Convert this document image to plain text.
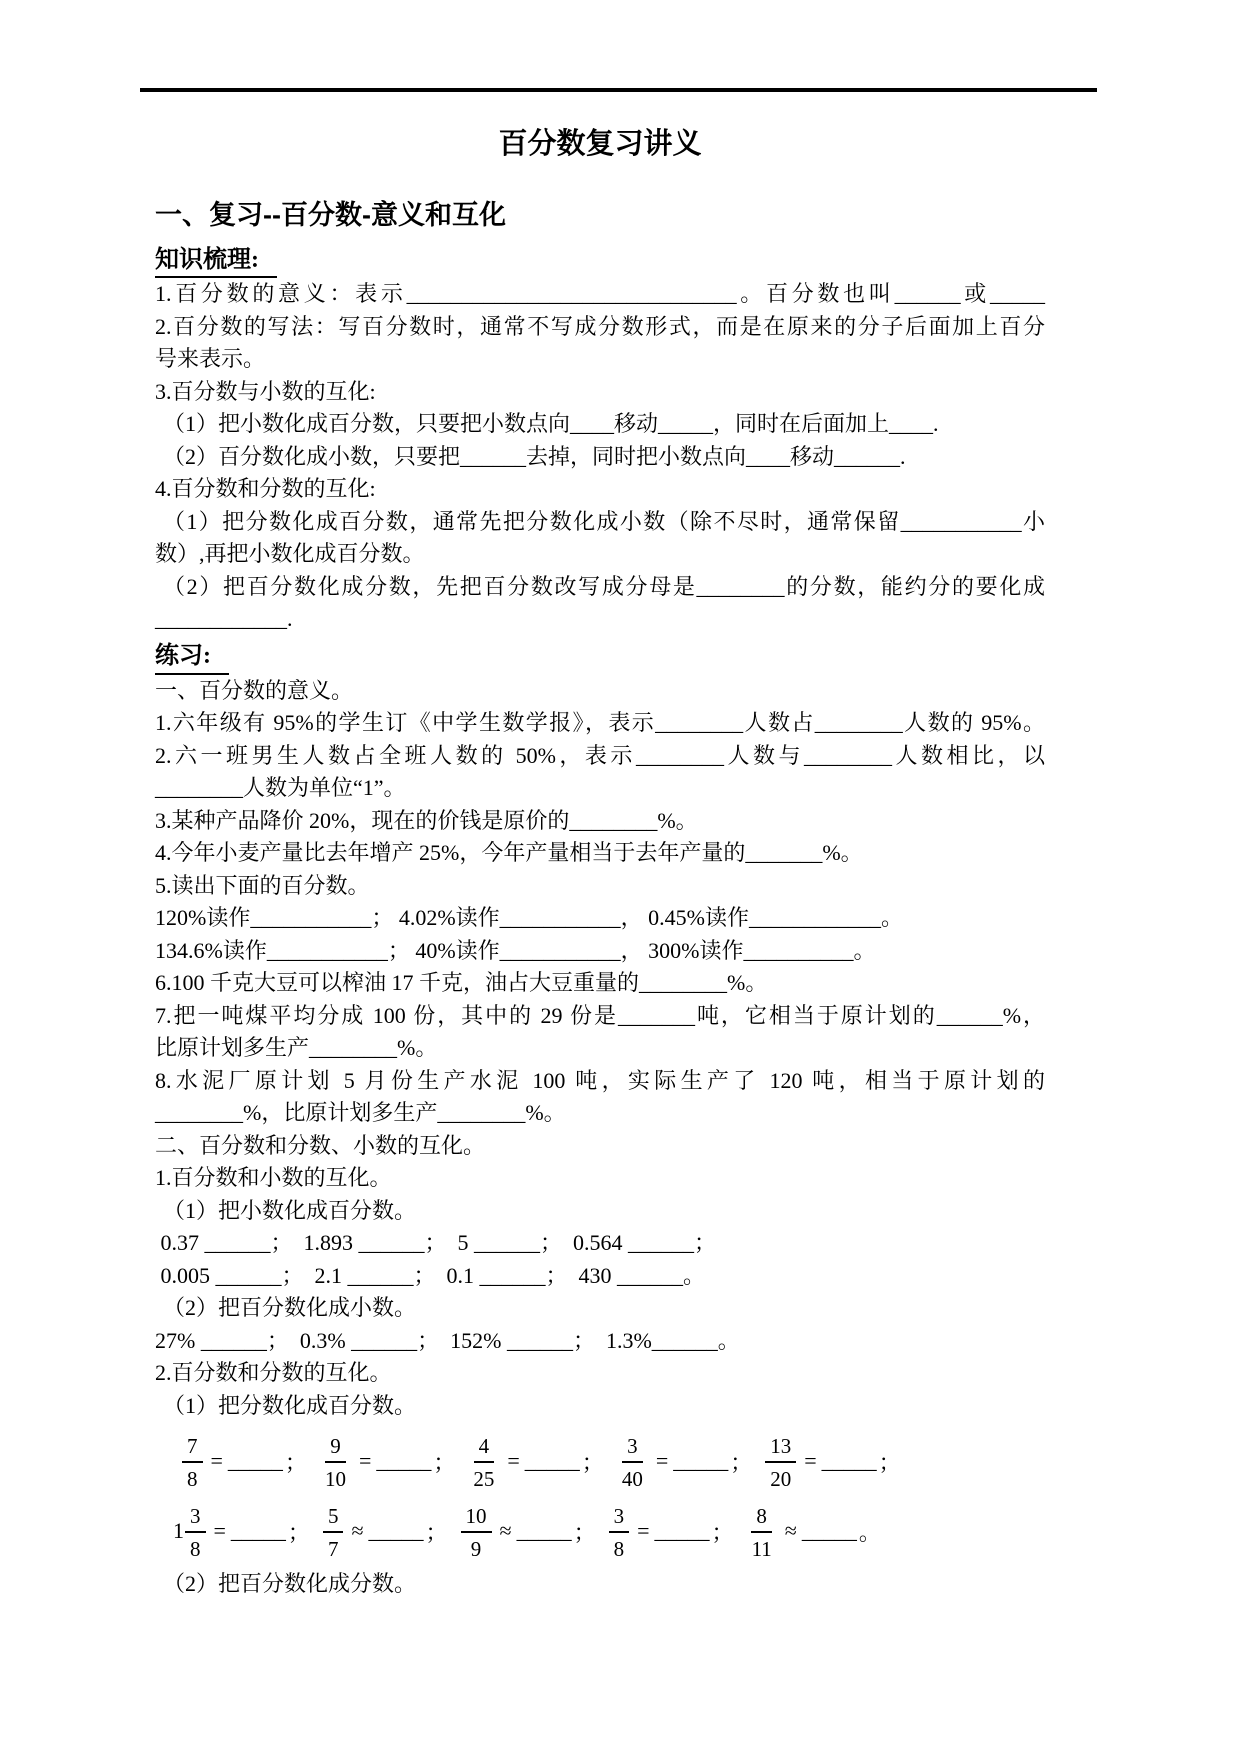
百分数复习讲义
一、复习--百分数-意义和互化
知识梳理:
1.百分数的意义：表示______________________________。百分数也叫______或_____
2.百分数的写法：写百分数时，通常不写成分数形式，而是在原来的分子后面加上百分
号来表示。
3.百分数与小数的互化:
（1）把小数化成百分数，只要把小数点向____移动_____，同时在后面加上____.
（2）百分数化成小数，只要把______去掉，同时把小数点向____移动______.
4.百分数和分数的互化:
（1）把分数化成百分数，通常先把分数化成小数（除不尽时，通常保留___________小
数）,再把小数化成百分数。
（2）把百分数化成分数，先把百分数改写成分母是________的分数，能约分的要化成
____________.
练习:
一、百分数的意义。
1.六年级有 95%的学生订《中学生数学报》，表示________人数占________人数的 95%。
2.六一班男生人数占全班人数的 50%，表示________人数与________人数相比，以
________人数为单位“1”。
3.某种产品降价 20%，现在的价钱是原价的________%。
4.今年小麦产量比去年增产 25%，今年产量相当于去年产量的_______%。
5.读出下面的百分数。
120%读作___________； 4.02%读作___________， 0.45%读作____________。
134.6%读作___________； 40%读作___________， 300%读作__________。
6.100 千克大豆可以榨油 17 千克，油占大豆重量的________%。
7.把一吨煤平均分成 100 份，其中的 29 份是_______吨，它相当于原计划的______%，
比原计划多生产________%。
8.水泥厂原计划 5 月份生产水泥 100 吨，实际生产了 120 吨，相当于原计划的
________%，比原计划多生产________%。
二、百分数和分数、小数的互化。
1.百分数和小数的互化。
（1）把小数化成百分数。
0.37 ______；  1.893 ______；  5 ______；  0.564 ______；
0.005 ______；  2.1 ______；  0.1 ______；  430 ______。
（2）把百分数化成小数。
27% ______；  0.3% ______；  152% ______；  1.3%______。
2.百分数和分数的互化。
（1）把分数化成百分数。
$\frac{7}{8}$ = _____ ； $\frac{9}{10}$ = _____ ； $\frac{4}{25}$ = _____ ； $\frac{3}{40}$ = _____ ； $\frac{13}{20}$ = _____ ；
$1 \frac{3}{8}$ = _____ ； $\frac{5}{7}$ ≈ _____ ； $\frac{10}{9}$ ≈ _____ ； $\frac{3}{8}$ = _____ ； $\frac{8}{11}$ ≈ _____ 。
（2）把百分数化成分数。
